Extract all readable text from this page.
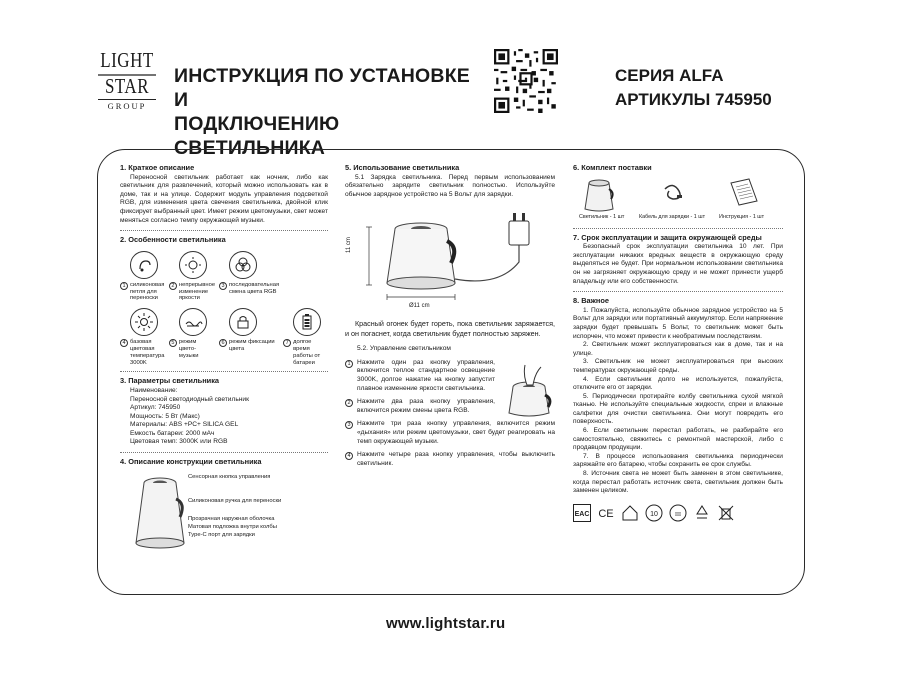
LIGHT
STAR
GROUP
ИНСТРУКЦИЯ ПО УСТАНОВКЕ И
ПОДКЛЮЧЕНИЮ СВЕТИЛЬНИКА
СЕРИЯ ALFA
АРТИКУЛЫ 745950
1. Краткое описание
Переносной светильник работает как ночник, либо как светильник для развлечений, который можно использовать как в доме, так и на улице. Содержит модуль управления подсветкой RGB, для изменения цвета свечения светильника, двойной клик фиксирует выбранный цвет. Имеет режим цветомузыки, свет может меняться согласно темпу окружающей музыки.
2. Особенности светильника
1 силиконовая петля для переноски
2 непрерывное изменение яркости
3 последовательная смена цвета RGB
4 базовая цветовая температура 3000K
5 режим цвето-музыки
6 режим фиксации цвета
7 долгое время работы от батареи
3. Параметры светильника
Наименование:
Переносной светодиодный светильник
Артикул: 745950
Мощность: 5 Вт (Макс)
Материалы: ABS +PC+ SILICA GEL
Емкость батареи: 2000 мАч
Цветовая темп: 3000K или RGB
4. Описание конструкции светильника
Сенсорная кнопка управления
Силиконовая ручка для переноски
Прозрачная наружная оболочка
Матовая подложка внутри колбы
Type-C порт для зарядки
5. Использование светильника
5.1 Зарядка светильника. Перед первым использованием обязательно зарядите светильник полностью. Используйте обычное зарядное устройство на 5 Вольт для зарядки.
11 cm
Ø11 cm
Красный огонек будет гореть, пока светильник заряжается, и он погаснет, когда светильник будет полностью заряжен.
5.2. Управление светильником
1 Нажмите один раз кнопку управления, включится теплое стандартное освещение 3000K, долгое нажатие на кнопку запустит плавное изменение яркости светильника.
2 Нажмите два раза кнопку управления, включится режим смены цвета RGB.
3 Нажмите три раза кнопку управления, включится режим «дыхания» или режим цветомузыки, свет будет реагировать на темп окружающей музыки.
4 Нажмите четыре раза кнопку управления, чтобы выключить светильник.
6. Комплект поставки
Светильник - 1 шт	Кабель для зарядки - 1 шт	Инструкция - 1 шт
7. Срок эксплуатации и защита окружающей среды
Безопасный срок эксплуатации светильника 10 лет. При эксплуатации никаких вредных веществ в окружающую среду выделяться не будет. При нормальном использовании светильника он не загрязняет окружающую среду и не может принести ущерб владельцу или его собственности.
8. Важное

1. Пожалуйста, используйте обычное зарядное устройство на 5 Вольт для зарядки или портативный аккумулятор. Если напряжение зарядки будет превышать 5 Вольт, то светильник может быть испорчен, что может привести к необратимым последствиям.

2. Светильник может эксплуатироваться как в доме, так и на улице.

3. Светильник не может эксплуатироваться при высоких температурах окружающей среды.

4. Если светильник долго не используется, пожалуйста, отключите его от зарядки.

5. Периодически протирайте колбу светильника сухой мягкой тканью. Не используйте специальные жидкости, спреи и влажные салфетки для очистки светильника. Они могут повредить его поверхность.

6. Если светильник перестал работать, не разбирайте его самостоятельно, свяжитесь с ремонтной мастерской, либо с продавцом продукции.

7. В процессе использования светильника периодически заряжайте его батарею, чтобы сохранить ее срок службы.

8. Источник света не может быть заменен в этом светильнике, когда перестал работать источник света, светильник должен быть заменен целиком.

EAC CE	10	III
www.lightstar.ru
